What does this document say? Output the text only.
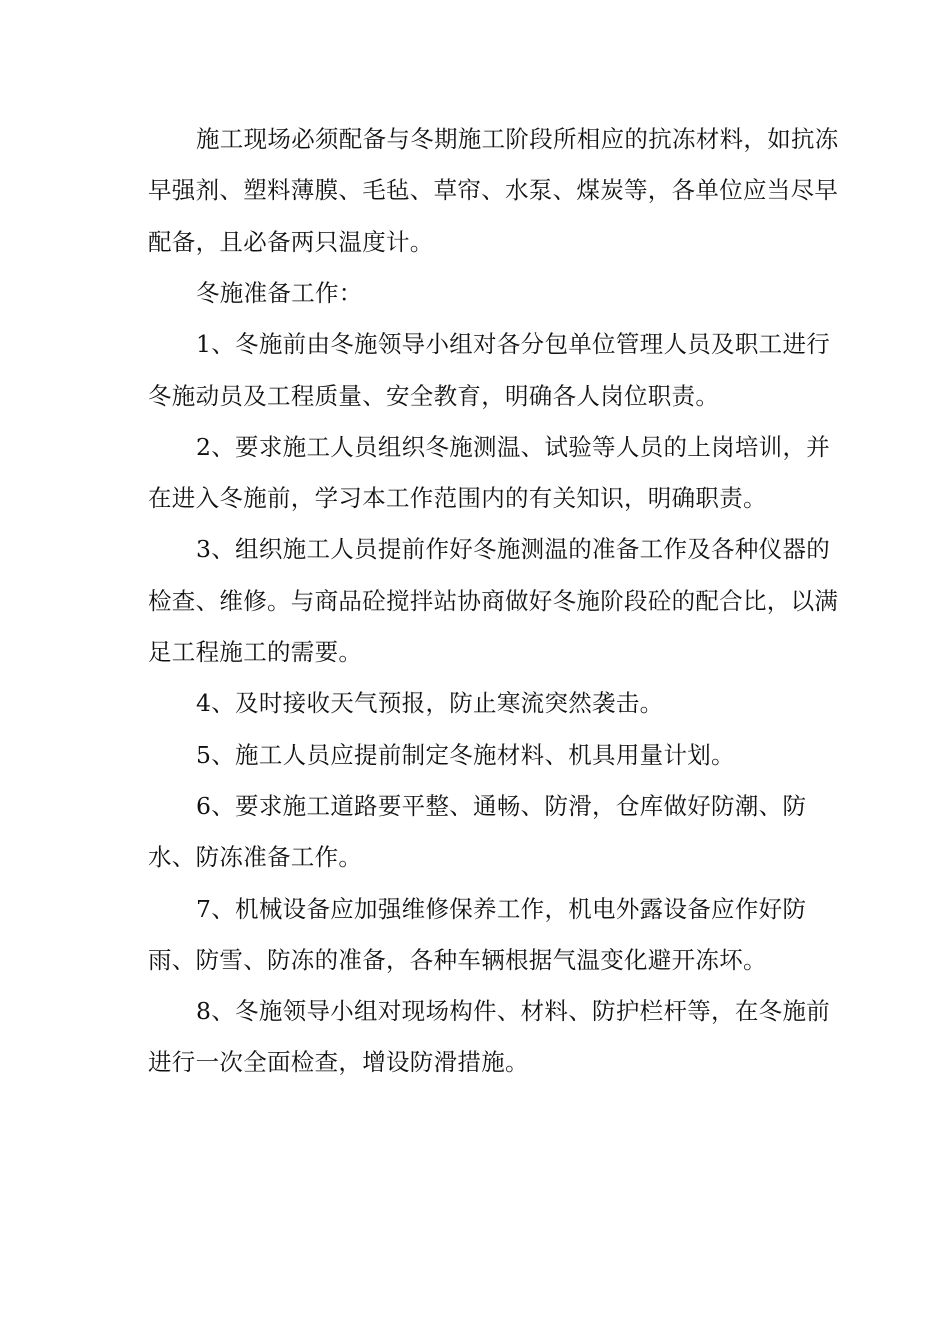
施工现场必须配备与冬期施工阶段所相应的抗冻材料，如抗冻
早强剂、塑料薄膜、毛毡、草帘、水泵、煤炭等，各单位应当尽早
配备，且必备两只温度计。
冬施准备工作：
1、冬施前由冬施领导小组对各分包单位管理人员及职工进行
冬施动员及工程质量、安全教育，明确各人岗位职责。
2、要求施工人员组织冬施测温、试验等人员的上岗培训，并
在进入冬施前，学习本工作范围内的有关知识，明确职责。
3、组织施工人员提前作好冬施测温的准备工作及各种仪器的
检查、维修。与商品砼搅拌站协商做好冬施阶段砼的配合比，以满
足工程施工的需要。
4、及时接收天气预报，防止寒流突然袭击。
5、施工人员应提前制定冬施材料、机具用量计划。
6、要求施工道路要平整、通畅、防滑，仓库做好防潮、防
水、防冻准备工作。
7、机械设备应加强维修保养工作，机电外露设备应作好防
雨、防雪、防冻的准备，各种车辆根据气温变化避开冻坏。
8、冬施领导小组对现场构件、材料、防护栏杆等，在冬施前
进行一次全面检查，增设防滑措施。
